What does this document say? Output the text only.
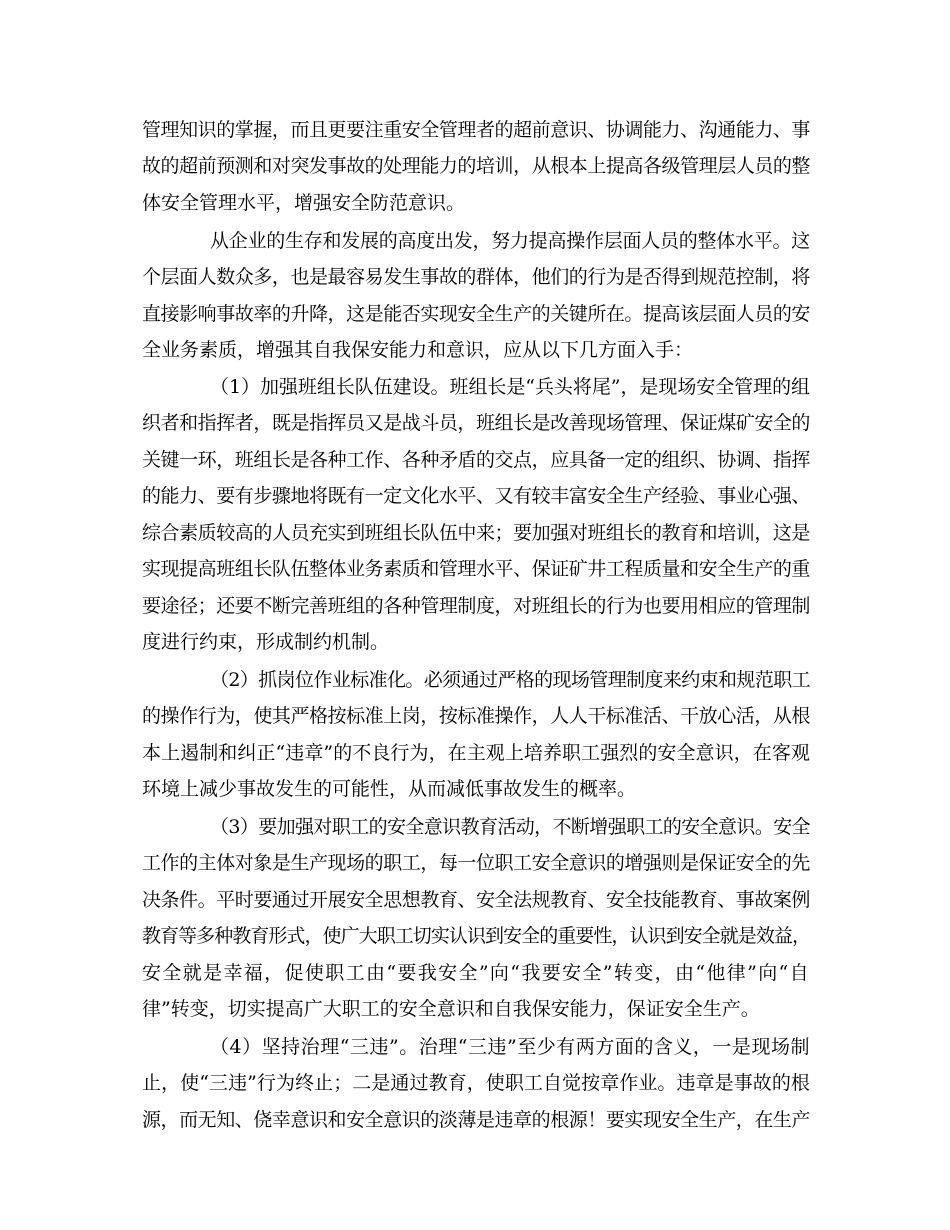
管理知识的掌握，而且更要注重安全管理者的超前意识、协调能力、沟通能力、事
故的超前预测和对突发事故的处理能力的培训，从根本上提高各级管理层人员的整
体安全管理水平，增强安全防范意识。
从企业的生存和发展的高度出发，努力提高操作层面人员的整体水平。这
个层面人数众多，也是最容易发生事故的群体，他们的行为是否得到规范控制，将
直接影响事故率的升降，这是能否实现安全生产的关键所在。提高该层面人员的安
全业务素质，增强其自我保安能力和意识，应从以下几方面入手：
（1）加强班组长队伍建设。班组长是“兵头将尾”，是现场安全管理的组
织者和指挥者，既是指挥员又是战斗员，班组长是改善现场管理、保证煤矿安全的
关键一环，班组长是各种工作、各种矛盾的交点，应具备一定的组织、协调、指挥
的能力、要有步骤地将既有一定文化水平、又有较丰富安全生产经验、事业心强、
综合素质较高的人员充实到班组长队伍中来；要加强对班组长的教育和培训，这是
实现提高班组长队伍整体业务素质和管理水平、保证矿井工程质量和安全生产的重
要途径；还要不断完善班组的各种管理制度，对班组长的行为也要用相应的管理制
度进行约束，形成制约机制。
（2）抓岗位作业标准化。必须通过严格的现场管理制度来约束和规范职工
的操作行为，使其严格按标准上岗，按标准操作，人人干标准活、干放心活，从根
本上遏制和纠正“违章”的不良行为，在主观上培养职工强烈的安全意识，在客观
环境上减少事故发生的可能性，从而减低事故发生的概率。
（3）要加强对职工的安全意识教育活动，不断增强职工的安全意识。安全
工作的主体对象是生产现场的职工，每一位职工安全意识的增强则是保证安全的先
决条件。平时要通过开展安全思想教育、安全法规教育、安全技能教育、事故案例
教育等多种教育形式，使广大职工切实认识到安全的重要性，认识到安全就是效益，
安全就是幸福，促使职工由“要我安全”向“我要安全”转变，由“他律”向“自
律”转变，切实提高广大职工的安全意识和自我保安能力，保证安全生产。
（4）坚持治理“三违”。治理“三违”至少有两方面的含义，一是现场制
止，使“三违”行为终止；二是通过教育，使职工自觉按章作业。违章是事故的根
源，而无知、侥幸意识和安全意识的淡薄是违章的根源！要实现安全生产，在生产
